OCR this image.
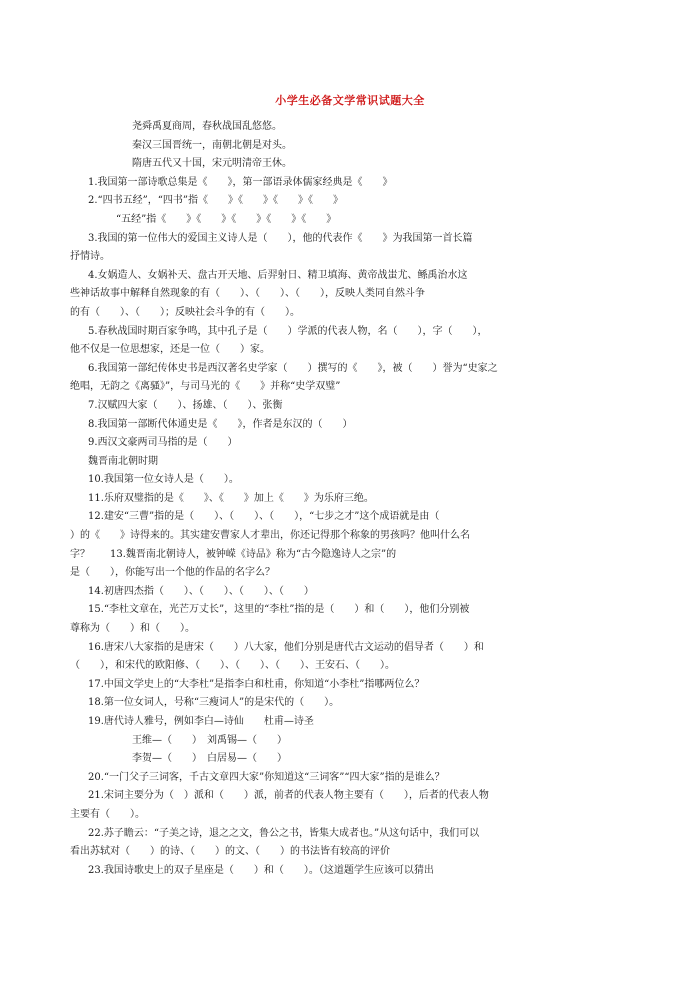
小学生必备文学常识试题大全
尧舜禹夏商周，春秋战国乱悠悠。
秦汉三国晋统一，南朝北朝是对头。
隋唐五代又十国，宋元明清帝王休。
1.我国第一部诗歌总集是《　　》，第一部语录体儒家经典是《　　》
2.“四书五经”，“四书”指《　　》《　　》《　　》《　　》
“五经”指《　　》《　　》《　　》《　　》《　　》
3.我国的第一位伟大的爱国主义诗人是（　　），他的代表作《　　》为我国第一首长篇
抒情诗。
4.女娲造人、女娲补天、盘古开天地、后羿射日、精卫填海、黄帝战蚩尤、鲧禹治水这
些神话故事中解释自然现象的有（　　）、（　　）、（　　），反映人类同自然斗争
的有（　　）、（　　）；反映社会斗争的有（　　）。
5.春秋战国时期百家争鸣，其中孔子是（　　）学派的代表人物，名（　　），字（　　），
他不仅是一位思想家，还是一位（　　）家。
6.我国第一部纪传体史书是西汉著名史学家（　　）撰写的《　　》，被（　　）誉为“史家之
绝唱，无韵之《离骚》”，与司马光的《　　》并称“史学双璧”
7.汉赋四大家（　　）、扬雄、（　　）、张衡
8.我国第一部断代体通史是《　　》，作者是东汉的（　　）
9.西汉文豪两司马指的是（　　）
魏晋南北朝时期
10.我国第一位女诗人是（　　）。
11.乐府双璧指的是《　　》、《　　》加上《　　》为乐府三绝。
12.建安“三曹”指的是（　　）、（　　）、（　　），“七步之才”这个成语就是由（
）的《　　》诗得来的。其实建安曹家人才辈出，你还记得那个称象的男孩吗？他叫什么名
字？　　13.魏晋南北朝诗人，被钟嵘《诗品》称为“古今隐逸诗人之宗”的
是（　　），你能写出一个他的作品的名字么？
14.初唐四杰指（　　）、（　　）、（　　）、（　　）
15.“李杜文章在，光芒万丈长”，这里的“李杜”指的是（　　）和（　　），他们分别被
尊称为（　　）和（　　）。
16.唐宋八大家指的是唐宋（　　）八大家，他们分别是唐代古文运动的倡导者（　　）和
（　　），和宋代的欧阳修、（　　）、（　　）、（　　）、王安石、（　　）。
17.中国文学史上的“大李杜”是指李白和杜甫，你知道“小李杜”指哪两位么？
18.第一位女词人，号称“三瘦词人”的是宋代的（　　）。
19.唐代诗人雅号，例如李白—诗仙　　杜甫—诗圣
王维—（　　）　刘禹锡—（　　）
李贺—（　　）　白居易—（　　）
20.“一门父子三词客，千古文章四大家”你知道这“三词客”“四大家”指的是谁么？
21.宋词主要分为（　）派和（　　）派，前者的代表人物主要有（　　），后者的代表人物
主要有（　　）。
22.苏子瞻云：“子美之诗，退之之文，鲁公之书，皆集大成者也。”从这句话中，我们可以
看出苏轼对（　　）的诗、（　　）的文、（　　）的书法皆有较高的评价
23.我国诗歌史上的双子星座是（　　）和（　　）。（这道题学生应该可以猜出
